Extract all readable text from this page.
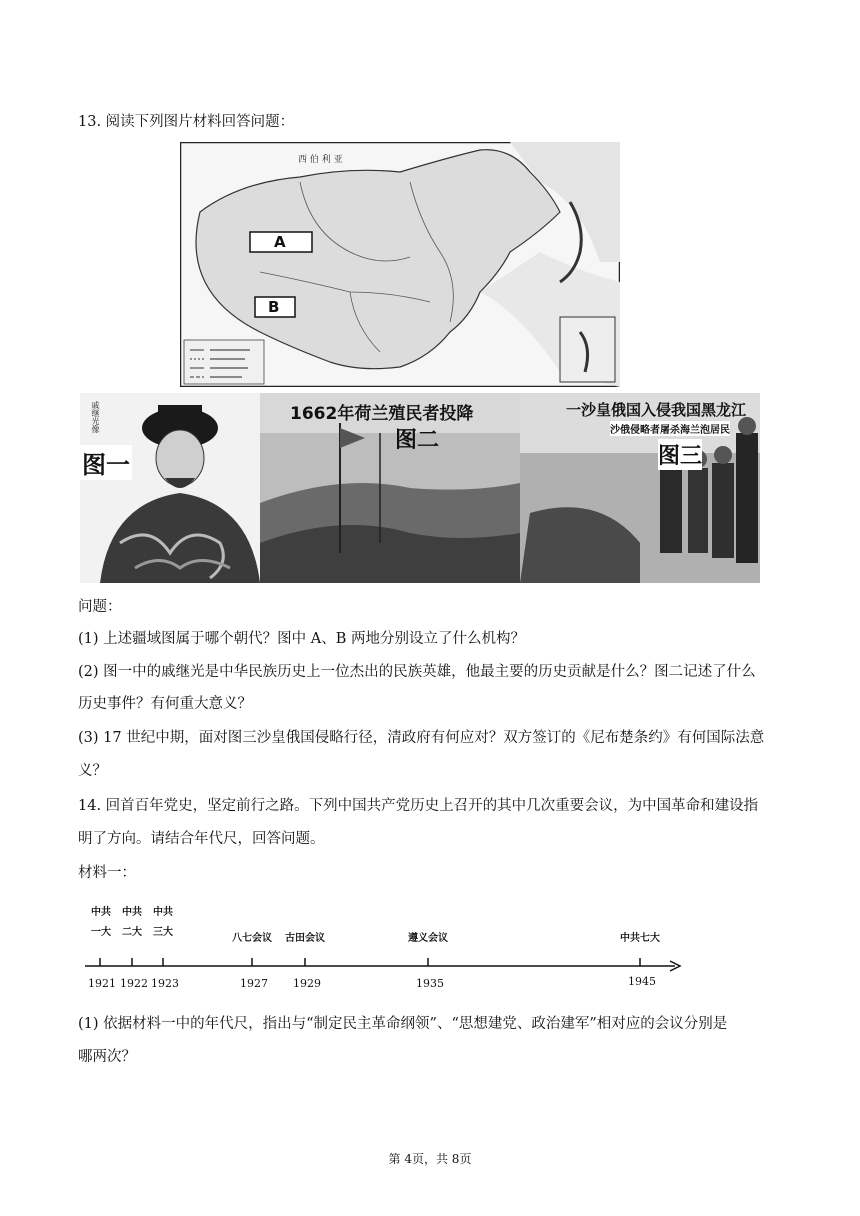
13. 阅读下列图片材料回答问题：
西 伯 利 亚
A
B
戚继光像
图一
1662年荷兰殖民者投降
图二
一沙皇俄国入侵我国黑龙江
沙俄侵略者屠杀海兰泡居民
图三
问题：
(1) 上述疆域图属于哪个朝代？图中 A、B 两地分别设立了什么机构？
(2) 图一中的戚继光是中华民族历史上一位杰出的民族英雄，他最主要的历史贡献是什么？图二记述了什么
历史事件？有何重大意义？
(3) 17 世纪中期，面对图三沙皇俄国侵略行径，清政府有何应对？双方签订的《尼布楚条约》有何国际法意
义？
14. 回首百年党史，坚定前行之路。下列中国共产党历史上召开的其中几次重要会议，为中国革命和建设指
明了方向。请结合年代尺，回答问题。
材料一：
中共
一大
中共
二大
中共
三大
八七会议	古田会议	遵义会议	中共七大
1921 1922 1923	1927 1929	1935	1945
(1) 依据材料一中的年代尺，指出与“制定民主革命纲领”、“思想建党、政治建军”相对应的会议分别是
哪两次？
第 4页，共 8页
